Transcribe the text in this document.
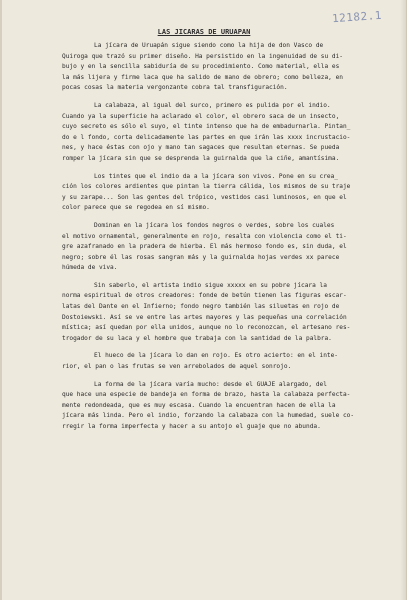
12182.1
LAS JICARAS DE URUAPAN
La jícara de Uruapán sigue siendo como la hija de don Vasco de
Quiroga que trazó su primer diseño. Ha persistido en la ingenuidad de su di-
bujo y en la sencilla sabiduría de su procedimiento. Como material, ella es
la más lijera y firme laca que ha salido de mano de obrero; como belleza, en
pocas cosas la materia vergonzante cobra tal transfiguración.
La calabaza, al igual del surco, primero es pulida por el indio.
Cuando ya la superficie ha aclarado el color, el obrero saca de un insecto,
cuyo secreto es sólo el suyo, el tinte intenso que ha de embadurnarla. Pintan_
do e l fondo, corta delicadamente las partes en que irán las xxxx incrustacio-
nes, y hace éstas con ojo y mano tan sagaces que resultan eternas. Se pueda
romper la jícara sin que se desprenda la guirnalda que la ciñe, amantísima.
Los tintes que el indio da a la jícara son vivos. Pone en su crea_
ción los colores ardientes que pintan la tierra cálida, los mismos de su traje
y su zarape... Son las gentes del trópico, vestidos casi luminosos, en que el
color parece que se regodea en sí mismo.
Dominan en la jícara los fondos negros o verdes, sobre los cuales
el motivo ornamental, generalmente en rojo, resalta con violencia como el ti-
gre azafranado en la pradera de hierba. El más hermoso fondo es, sin duda, el
negro; sobre él las rosas sangran más y la guirnalda hojas verdes xx parece
húmeda de viva.
Sin saberlo, el artista indio sigue xxxxx en su pobre jícara la
norma espiritual de otros creadores: fonde de betún tienen las figuras escar-
latas del Dante en el Infierno; fondo negro también las siluetas en rojo de
Dostoiewski. Así se ve entre las artes mayores y las pequeñas una correlación
mística; así quedan por ella unidos, aunque no lo reconozcan, el artesano res-
trogador de su laca y el hombre que trabaja con la santidad de la palbra.
El hueco de la jícara lo dan en rojo. Es otro acierto: en el inte-
rior, el pan o las frutas se ven arrebolados de aquel sonrojo.
La forma de la jícara varía mucho: desde el GUAJE alargado, del
que hace una especie de bandeja en forma de brazo, hasta la calabaza perfecta-
mente redondeada, que es muy escasa. Cuando la encuentran hacen de ella la
jícara más linda. Pero el indio, forzando la calabaza con la humedad, suele co-
rregir la forma imperfecta y hacer a su antojo el guaje que no abunda.
